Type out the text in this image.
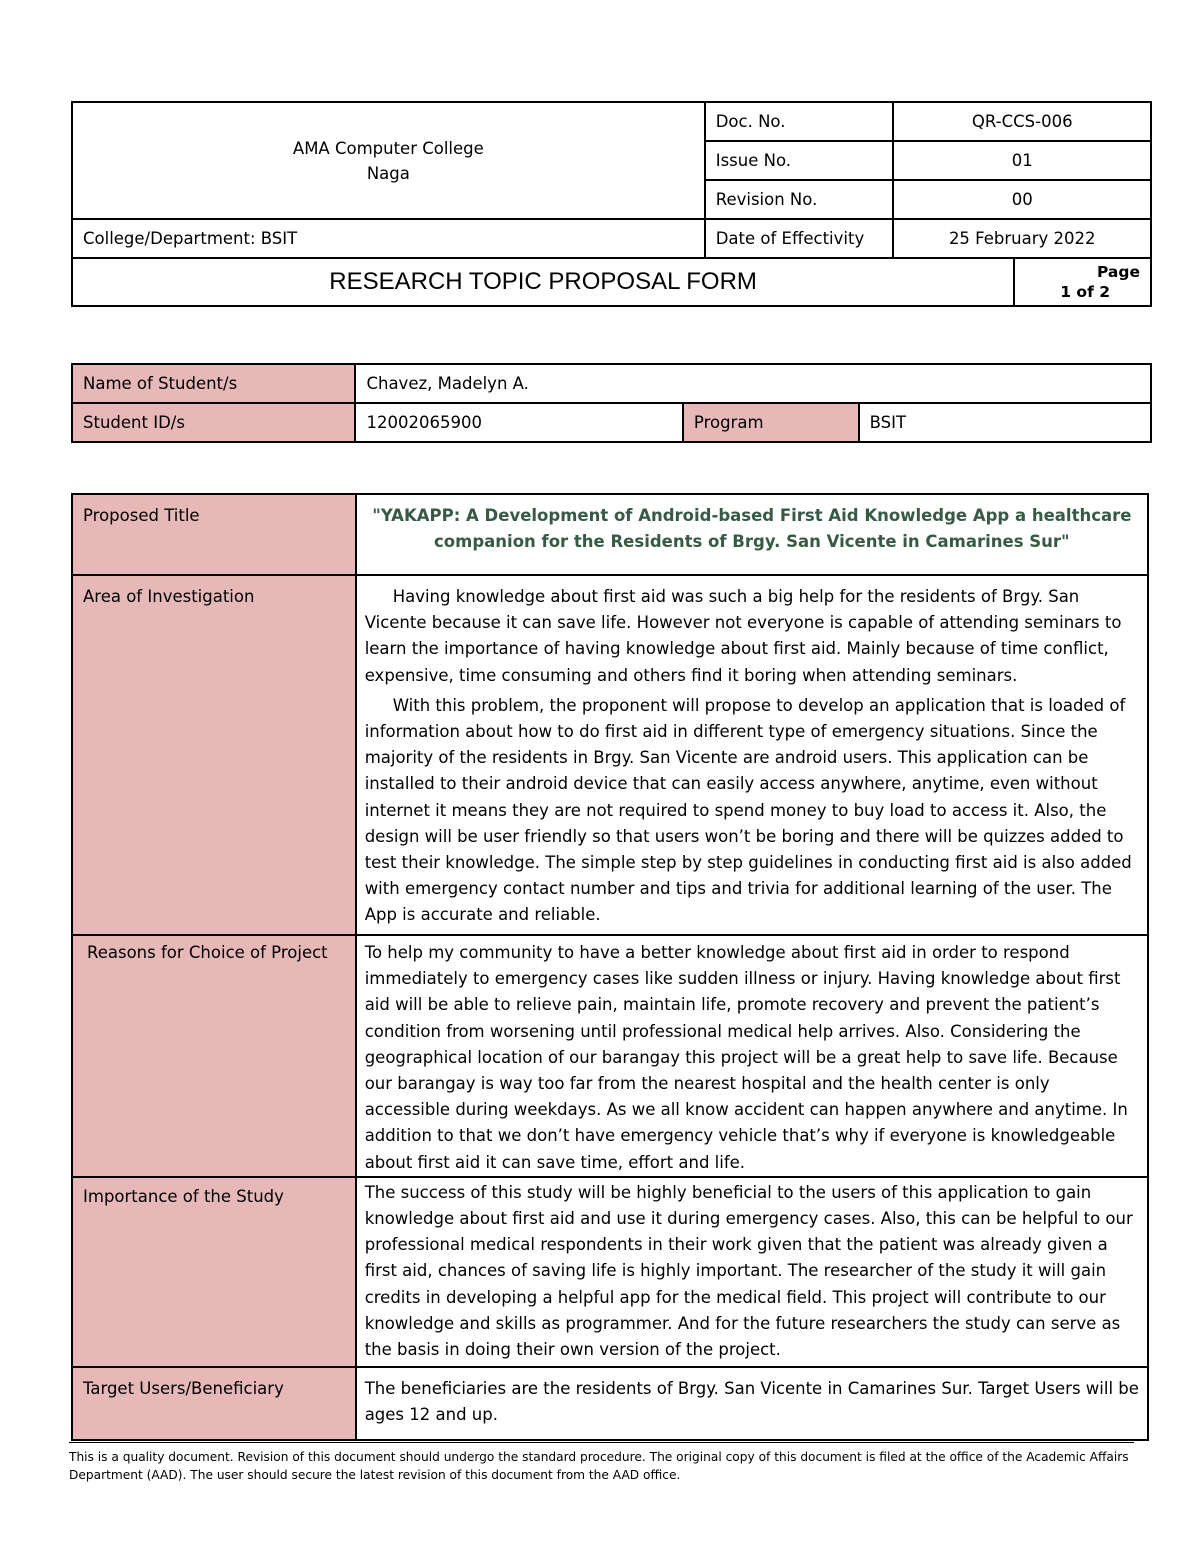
AMA Computer College
Naga	Doc. No.	QR-CCS-006	
	Issue No.	01	
	Revision No.	00	
College/Department: BSIT	Date of Effectivity	25 February 2022	
RESEARCH TOPIC PROPOSAL FORM			Page
1 of 2
Name of Student/s	Chavez, Madelyn A.		
Student ID/s	12002065900	Program	BSIT
Proposed Title	"YAKAPP: A Development of Android-based First Aid Knowledge App a healthcare companion for the Residents of Brgy. San Vicente in Camarines Sur"
Area of Investigation	Having knowledge about first aid was such a big help for the residents of Brgy. San Vicente because it can save life. However not everyone is capable of attending seminars to learn the importance of having knowledge about first aid. Mainly because of time conflict, expensive, time consuming and others find it boring when attending seminars.

With this problem, the proponent will propose to develop an application that is loaded of information about how to do first aid in different type of emergency situations. Since the majority of the residents in Brgy. San Vicente are android users. This application can be installed to their android device that can easily access anywhere, anytime, even without internet it means they are not required to spend money to buy load to access it. Also, the design will be user friendly so that users won’t be boring and there will be quizzes added to test their knowledge. The simple step by step guidelines in conducting first aid is also added with emergency contact number and tips and trivia for additional learning of the user. The App is accurate and reliable.

Reasons for Choice of Project	To help my community to have a better knowledge about first aid in order to respond immediately to emergency cases like sudden illness or injury. Having knowledge about first aid will be able to relieve pain, maintain life, promote recovery and prevent the patient’s condition from worsening until professional medical help arrives. Also. Considering the geographical location of our barangay this project will be a great help to save life. Because our barangay is way too far from the nearest hospital and the health center is only accessible during weekdays. As we all know accident can happen anywhere and anytime. In addition to that we don’t have emergency vehicle that’s why if everyone is knowledgeable about first aid it can save time, effort and life.
Importance of the Study	The success of this study will be highly beneficial to the users of this application to gain knowledge about first aid and use it during emergency cases. Also, this can be helpful to our professional medical respondents in their work given that the patient was already given a first aid, chances of saving life is highly important. The researcher of the study it will gain credits in developing a helpful app for the medical field. This project will contribute to our knowledge and skills as programmer. And for the future researchers the study can serve as the basis in doing their own version of the project.
Target Users/Beneficiary	The beneficiaries are the residents of Brgy. San Vicente in Camarines Sur. Target Users will be ages 12 and up.
This is a quality document. Revision of this document should undergo the standard procedure. The original copy of this document is filed at the office of the Academic Affairs Department (AAD). The user should secure the latest revision of this document from the AAD office.
